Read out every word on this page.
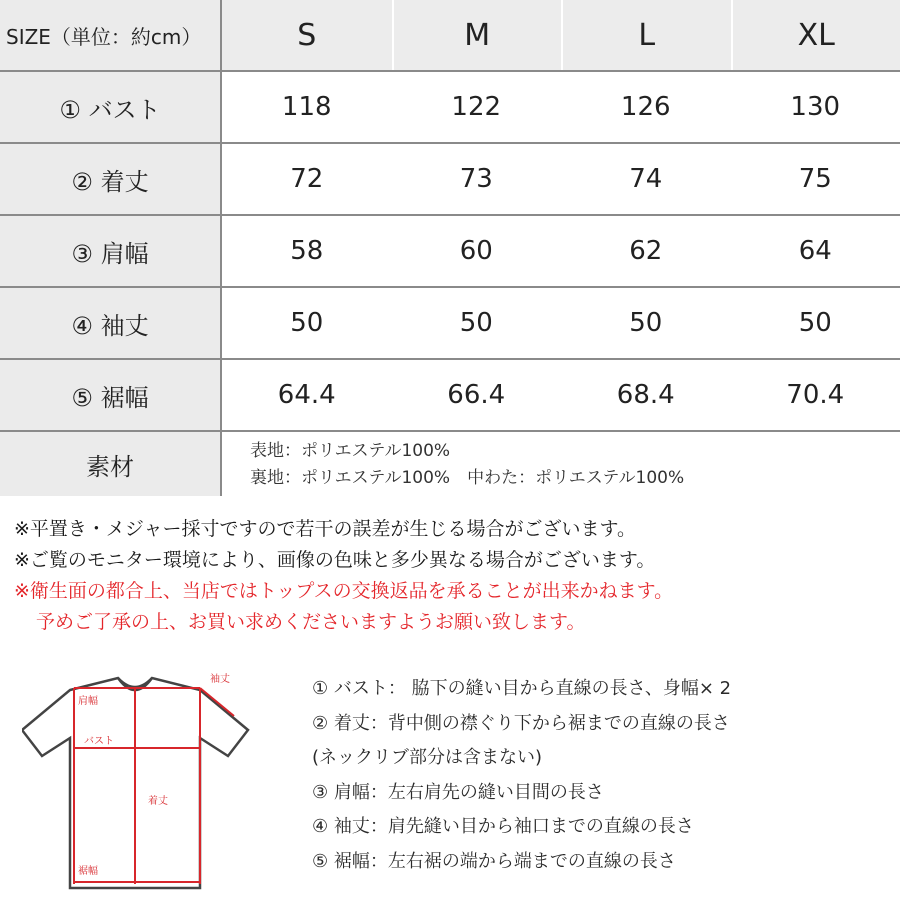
SIZE（単位：約cm）	S	M	L	XL
① バスト	118	122	126	130
② 着丈	72	73	74	75
③ 肩幅	58	60	62	64
④ 袖丈	50	50	50	50
⑤ 裾幅	64.4	66.4	68.4	70.4
素材
表地：ポリエステル100%
裏地：ポリエステル100%　中わた：ポリエステル100%
※平置き・メジャー採寸ですので若干の誤差が生じる場合がございます。
※ご覧のモニター環境により、画像の色味と多少異なる場合がございます。
※衛生面の都合上、当店ではトップスの交換返品を承ることが出来かねます。
予めご了承の上、お買い求めくださいますようお願い致します。
袖丈
肩幅
バスト
着丈
裾幅
① バスト： 脇下の縫い目から直線の長さ、身幅× 2
② 着丈：背中側の襟ぐり下から裾までの直線の長さ
(ネックリブ部分は含まない)
③ 肩幅：左右肩先の縫い目間の長さ
④ 袖丈：肩先縫い目から袖口までの直線の長さ
⑤ 裾幅：左右裾の端から端までの直線の長さ
